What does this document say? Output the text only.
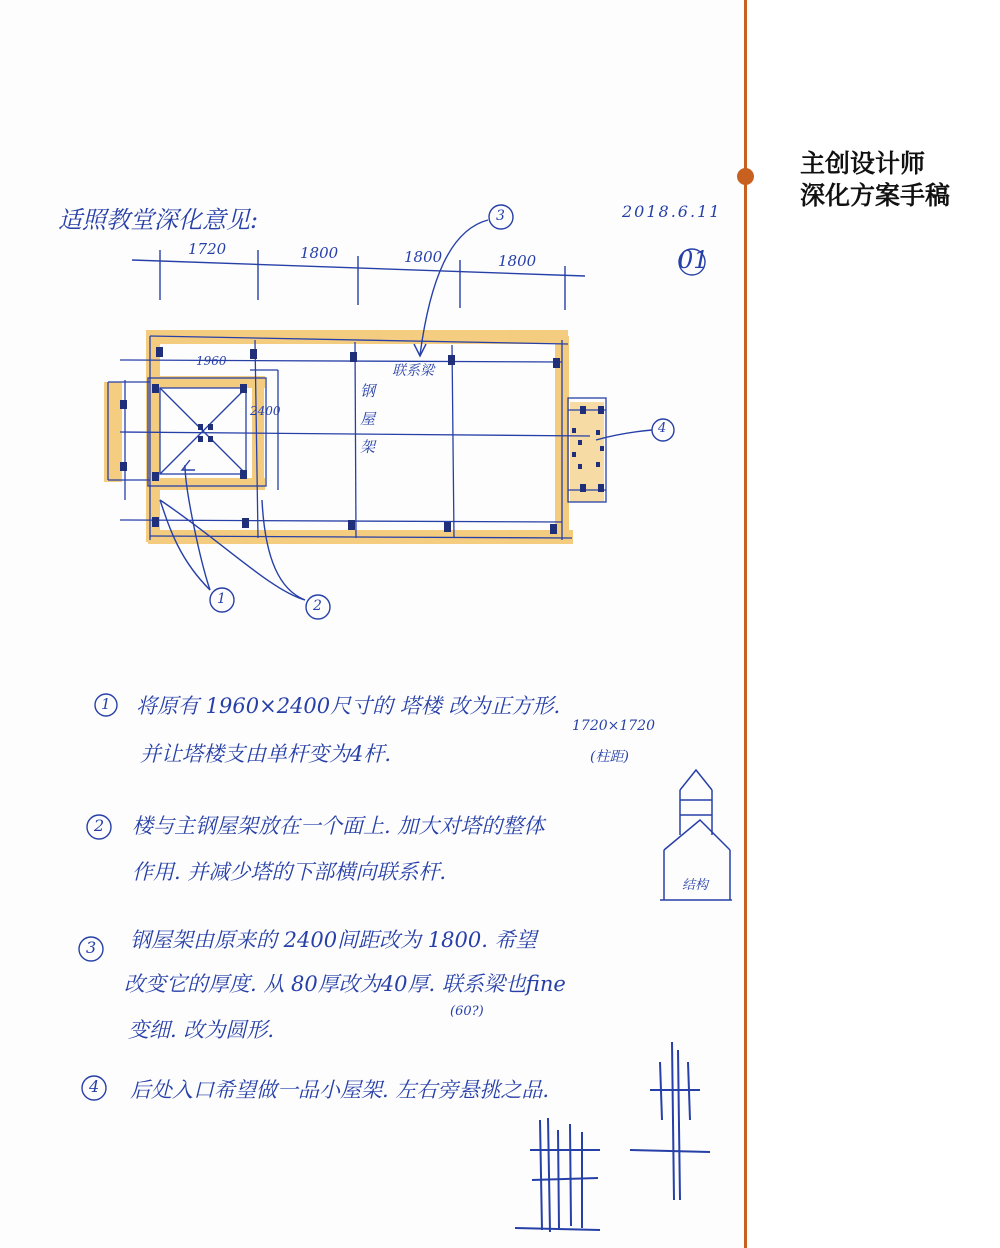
适照教堂深化意见:	2018.6.11
01
1720	1800	1800	1800
1960
2400
钢
屋
架
联系梁
3
4
1	2
1 将原有 1960×2400尺寸的 塔楼 改为正方形.
并让塔楼支由单杆变为4杆.
1720×1720
(柱距)
结构
2 楼与主钢屋架放在一个面上. 加大对塔的整体
作用. 并减少塔的下部横向联系杆.
3 钢屋架由原来的 2400间距改为 1800. 希望
改变它的厚度. 从 80厚改为40厚. 联系梁也fine
变细. 改为圆形.
(60?)
4 后处入口希望做一品小屋架. 左右旁悬挑之品.
主创设计师
深化方案手稿
